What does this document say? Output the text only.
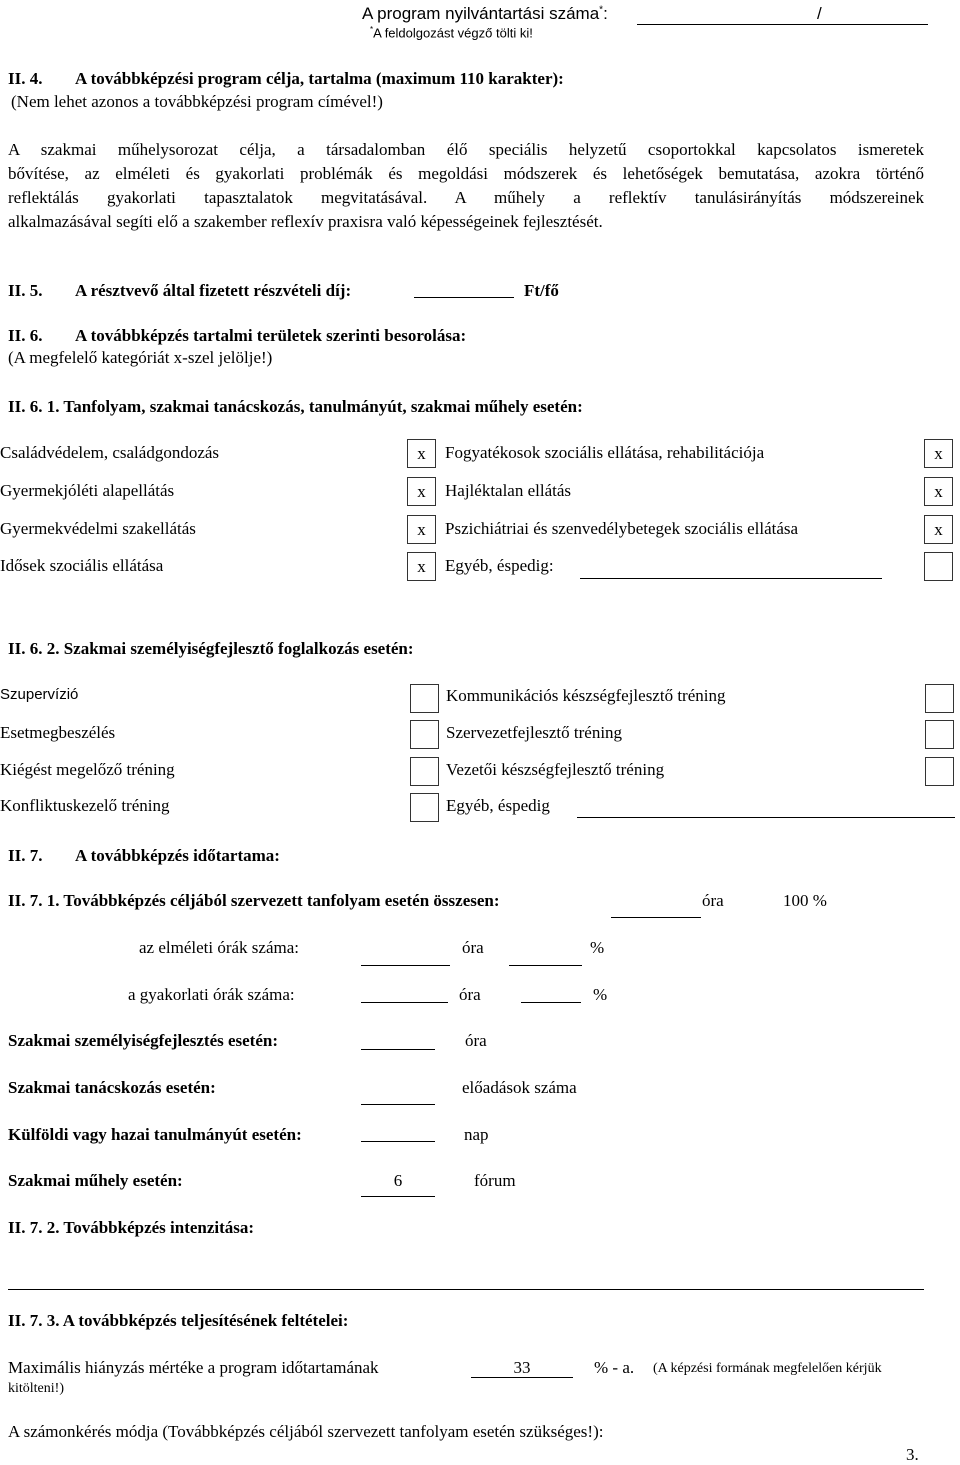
A program nyilvántartási száma*:	/
*A feldolgozást végző tölti ki!
II. 4. A továbbképzési program célja, tartalma (maximum 110 karakter):
(Nem lehet azonos a továbbképzési program címével!)
A szakmai műhelysorozat célja, a társadalomban élő speciális helyzetű csoportokkal kapcsolatos ismeretek
bővítése, az elméleti és gyakorlati problémák és megoldási módszerek és lehetőségek bemutatása, azokra történő
reflektálás gyakorlati tapasztalatok megvitatásával. A műhely a reflektív tanulásirányítás módszereinek
alkalmazásával segíti elő a szakember reflexív praxisra való képességeinek fejlesztését.
II. 5. A résztvevő által fizetett részvételi díj:	Ft/fő
II. 6. A továbbképzés tartalmi területek szerinti besorolása:
(A megfelelő kategóriát x-szel jelölje!)
II. 6. 1. Tanfolyam, szakmai tanácskozás, tanulmányút, szakmai műhely esetén:
Családvédelem, családgondozás	x	Fogyatékosok szociális ellátása, rehabilitációja	x
Gyermekjóléti alapellátás	x	Hajléktalan ellátás	x
Gyermekvédelmi szakellátás	x	Pszichiátriai és szenvedélybetegek szociális ellátása	x
Idősek szociális ellátása	x	Egyéb, éspedig:
II. 6. 2. Szakmai személyiségfejlesztő foglalkozás esetén:
Szupervízió	Kommunikációs készségfejlesztő tréning
Esetmegbeszélés	Szervezetfejlesztő tréning
Kiégést megelőző tréning	Vezetői készségfejlesztő tréning
Konfliktuskezelő tréning	Egyéb, éspedig
II. 7. A továbbképzés időtartama:
II. 7. 1. Továbbképzés céljából szervezett tanfolyam esetén összesen:	óra	100 %
az elméleti órák száma:	óra	%
a gyakorlati órák száma:	óra	%
Szakmai személyiségfejlesztés esetén:	óra
Szakmai tanácskozás esetén:	előadások száma
Külföldi vagy hazai tanulmányút esetén:	nap
Szakmai műhely esetén:	6	fórum
II. 7. 2. Továbbképzés intenzitása:
II. 7. 3. A továbbképzés teljesítésének feltételei:
Maximális hiányzás mértéke a program időtartamának	33	% - a. (A képzési formának megfelelően kérjük
kitölteni!)
A számonkérés módja (Továbbképzés céljából szervezett tanfolyam esetén szükséges!):
3.
